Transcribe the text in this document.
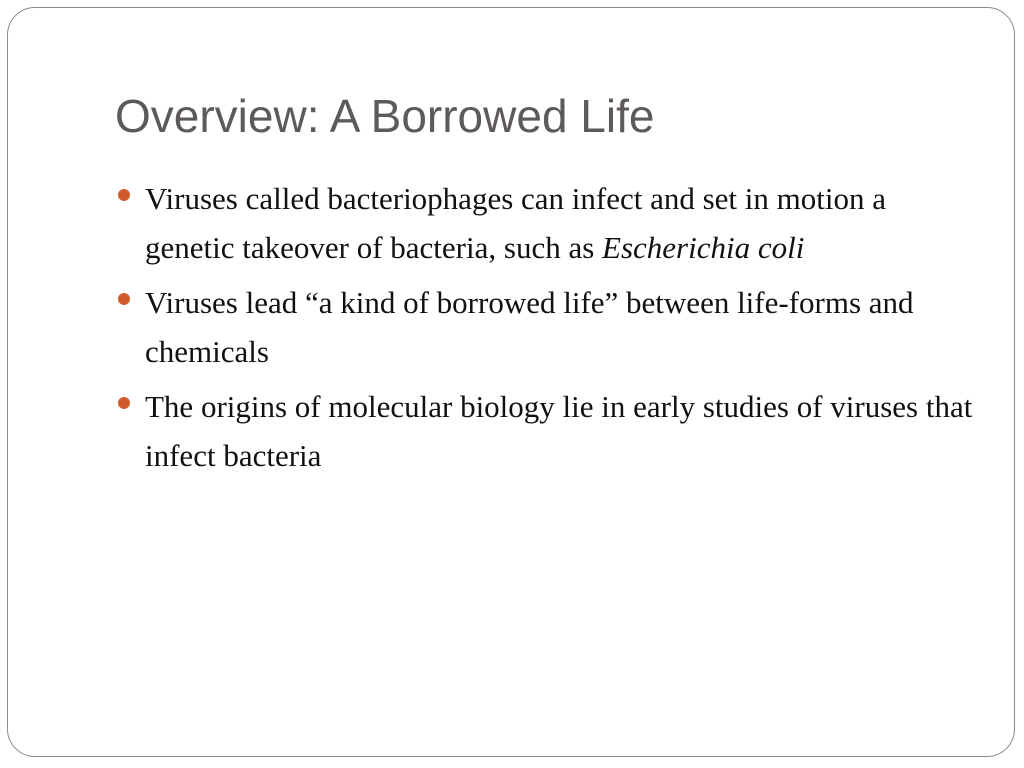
Overview: A Borrowed Life
Viruses called bacteriophages can infect and set in motion a genetic takeover of bacteria, such as Escherichia coli
Viruses lead “a kind of borrowed life” between life-forms and chemicals
The origins of molecular biology lie in early studies of viruses that infect bacteria
